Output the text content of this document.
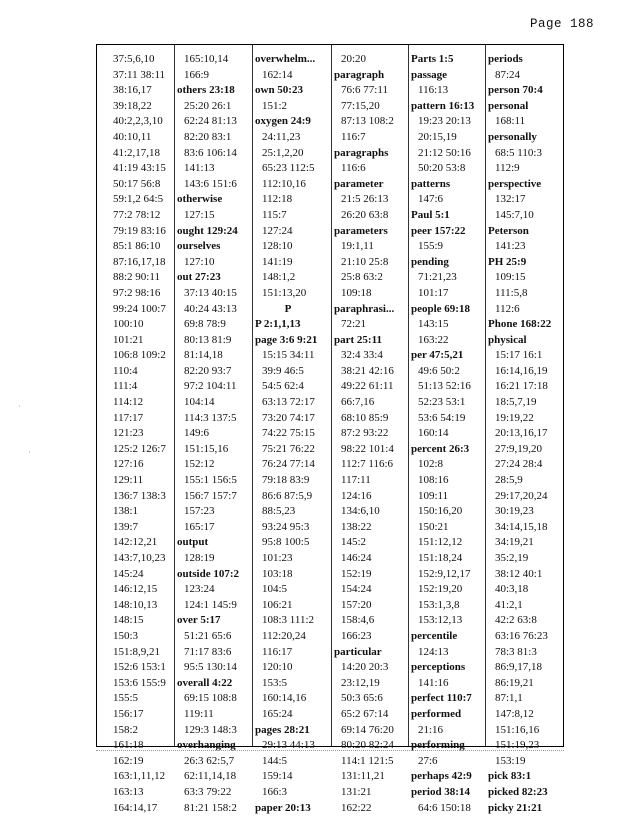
Page 188
37:5,6,10
37:11 38:11
38:16,17
39:18,22
40:2,2,3,10
40:10,11
41:2,17,18
41:19 43:15
50:17 56:8
59:1,2 64:5
77:2 78:12
79:19 83:16
85:1 86:10
87:16,17,18
88:2 90:11
97:2 98:16
99:24 100:7
100:10
101:21
106:8 109:2
110:4
111:4
114:12
117:17
121:23
125:2 126:7
127:16
129:11
136:7 138:3
138:1
139:7
142:12,21
143:7,10,23
145:24
146:12,15
148:10,13
148:15
150:3
151:8,9,21
152:6 153:1
153:6 155:9
155:5
156:17
158:2
161:18
162:19
163:1,11,12
163:13
164:14,17
165:10,14
166:9
others 23:18
25:20 26:1
62:24 81:13
82:20 83:1
83:6 106:14
141:13
143:6 151:6
otherwise
127:15
ought 129:24
ourselves
127:10
out 27:23
37:13 40:15
40:24 43:13
69:8 78:9
80:13 81:9
81:14,18
82:20 93:7
97:2 104:11
104:14
114:3 137:5
149:6
151:15,16
152:12
155:1 156:5
156:7 157:7
157:23
165:17
output
128:19
outside 107:2
123:24
124:1 145:9
over 5:17
51:21 65:6
71:17 83:6
95:5 130:14
overall 4:22
69:15 108:8
119:11
129:3 148:3
overhanging
26:3 62:5,7
62:11,14,18
63:3 79:22
81:21 158:2
overwhelm...
162:14
own 50:23
151:2
oxygen 24:9
24:11,23
25:1,2,20
65:23 112:5
112:10,16
112:18
115:7
127:24
128:10
141:19
148:1,2
151:13,20
P
P 2:1,1,13
page 3:6 9:21
15:15 34:11
39:9 46:5
54:5 62:4
63:13 72:17
73:20 74:17
74:22 75:15
75:21 76:22
76:24 77:14
79:18 83:9
86:6 87:5,9
88:5,23
93:24 95:3
95:8 100:5
101:23
103:18
104:5
106:21
108:3 111:2
112:20,24
116:17
120:10
153:5
160:14,16
165:24
pages 28:21
29:13 44:13
144:5
159:14
166:3
paper 20:13
20:20
paragraph
76:6 77:11
77:15,20
87:13 108:2
116:7
paragraphs
116:6
parameter
21:5 26:13
26:20 63:8
parameters
19:1,11
21:10 25:8
25:8 63:2
109:18
paraphrasi...
72:21
part 25:11
32:4 33:4
38:21 42:16
49:22 61:11
66:7,16
68:10 85:9
87:2 93:22
98:22 101:4
112:7 116:6
117:11
124:16
134:6,10
138:22
145:2
146:24
152:19
154:24
157:20
158:4,6
166:23
particular
14:20 20:3
23:12,19
50:3 65:6
65:2 67:14
69:14 76:20
80:20 82:24
114:1 121:5
131:11,21
131:21
162:22
Parts 1:5
passage
116:13
pattern 16:13
19:23 20:13
20:15,19
21:12 50:16
50:20 53:8
patterns
147:6
Paul 5:1
peer 157:22
155:9
pending
71:21,23
101:17
people 69:18
143:15
163:22
per 47:5,21
49:6 50:2
51:13 52:16
52:23 53:1
53:6 54:19
160:14
percent 26:3
102:8
108:16
109:11
150:16,20
150:21
151:12,12
151:18,24
152:9,12,17
152:19,20
153:1,3,8
153:12,13
percentile
124:13
perceptions
141:16
perfect 110:7
performed
21:16
performing
27:6
perhaps 42:9
period 38:14
64:6 150:18
periods
87:24
person 70:4
personal
168:11
personally
68:5 110:3
112:9
perspective
132:17
145:7,10
Peterson
141:23
PH 25:9
109:15
111:5,8
112:6
Phone 168:22
physical
15:17 16:1
16:14,16,19
16:21 17:18
18:5,7,19
19:19,22
20:13,16,17
27:9,19,20
27:24 28:4
28:5,9
29:17,20,24
30:19,23
34:14,15,18
34:19,21
35:2,19
38:12 40:1
40:3,18
41:2,1
42:2 63:8
63:16 76:23
78:3 81:3
86:9,17,18
86:19,21
87:1,1
147:8,12
151:16,16
151:19,23
153:19
pick 83:1
picked 82:23
picky 21:21
·
·
